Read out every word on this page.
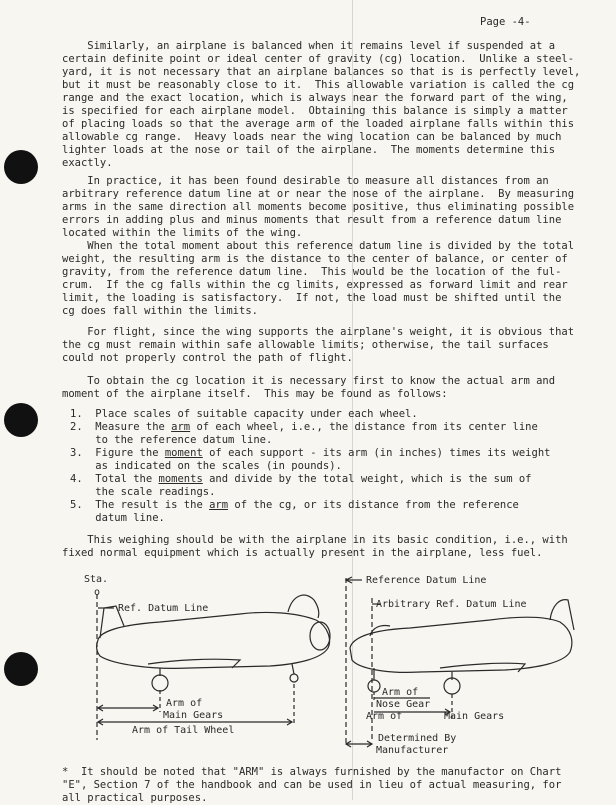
Page -4-
Similarly, an airplane is balanced when it remains level if suspended at a
certain definite point or ideal center of gravity (cg) location.  Unlike a steel-
yard, it is not necessary that an airplane balances so that is is perfectly level,
but it must be reasonably close to it.  This allowable variation is called the cg
range and the exact location, which is always near the forward part of the wing,
is specified for each airplane model.  Obtaining this balance is simply a matter
of placing loads so that the average arm of the loaded airplane falls within this
allowable cg range.  Heavy loads near the wing location can be balanced by much
lighter loads at the nose or tail of the airplane.  The moments determine this
exactly.
In practice, it has been found desirable to measure all distances from an
arbitrary reference datum line at or near the nose of the airplane.  By measuring
arms in the same direction all moments become positive, thus eliminating possible
errors in adding plus and minus moments that result from a reference datum line
located within the limits of the wing.
When the total moment about this reference datum line is divided by the total
weight, the resulting arm is the distance to the center of balance, or center of
gravity, from the reference datum line.  This would be the location of the ful-
crum.  If the cg falls within the cg limits, expressed as forward limit and rear
limit, the loading is satisfactory.  If not, the load must be shifted until the
cg does fall within the limits.
For flight, since the wing supports the airplane's weight, it is obvious that
the cg must remain within safe allowable limits; otherwise, the tail surfaces
could not properly control the path of flight.
To obtain the cg location it is necessary first to know the actual arm and
moment of the airplane itself.  This may be found as follows:
1.  Place scales of suitable capacity under each wheel.
2.  Measure the arm of each wheel, i.e., the distance from its center line
to the reference datum line.
3.  Figure the moment of each support - its arm (in inches) times its weight
as indicated on the scales (in pounds).
4.  Total the moments and divide by the total weight, which is the sum of
the scale readings.
5.  The result is the arm of the cg, or its distance from the reference
datum line.
This weighing should be with the airplane in its basic condition, i.e., with
fixed normal equipment which is actually present in the airplane, less fuel.
Sta.
o
Ref. Datum Line
Arm of
Main Gears
Arm of Tail Wheel
Reference Datum Line
Arbitrary Ref. Datum Line
Arm of
Nose Gear
Arm of	Main Gears
Determined By
Manufacturer
*  It should be noted that "ARM" is always furnished by the manufactor on Chart
"E", Section 7 of the handbook and can be used in lieu of actual measuring, for
all practical purposes.
